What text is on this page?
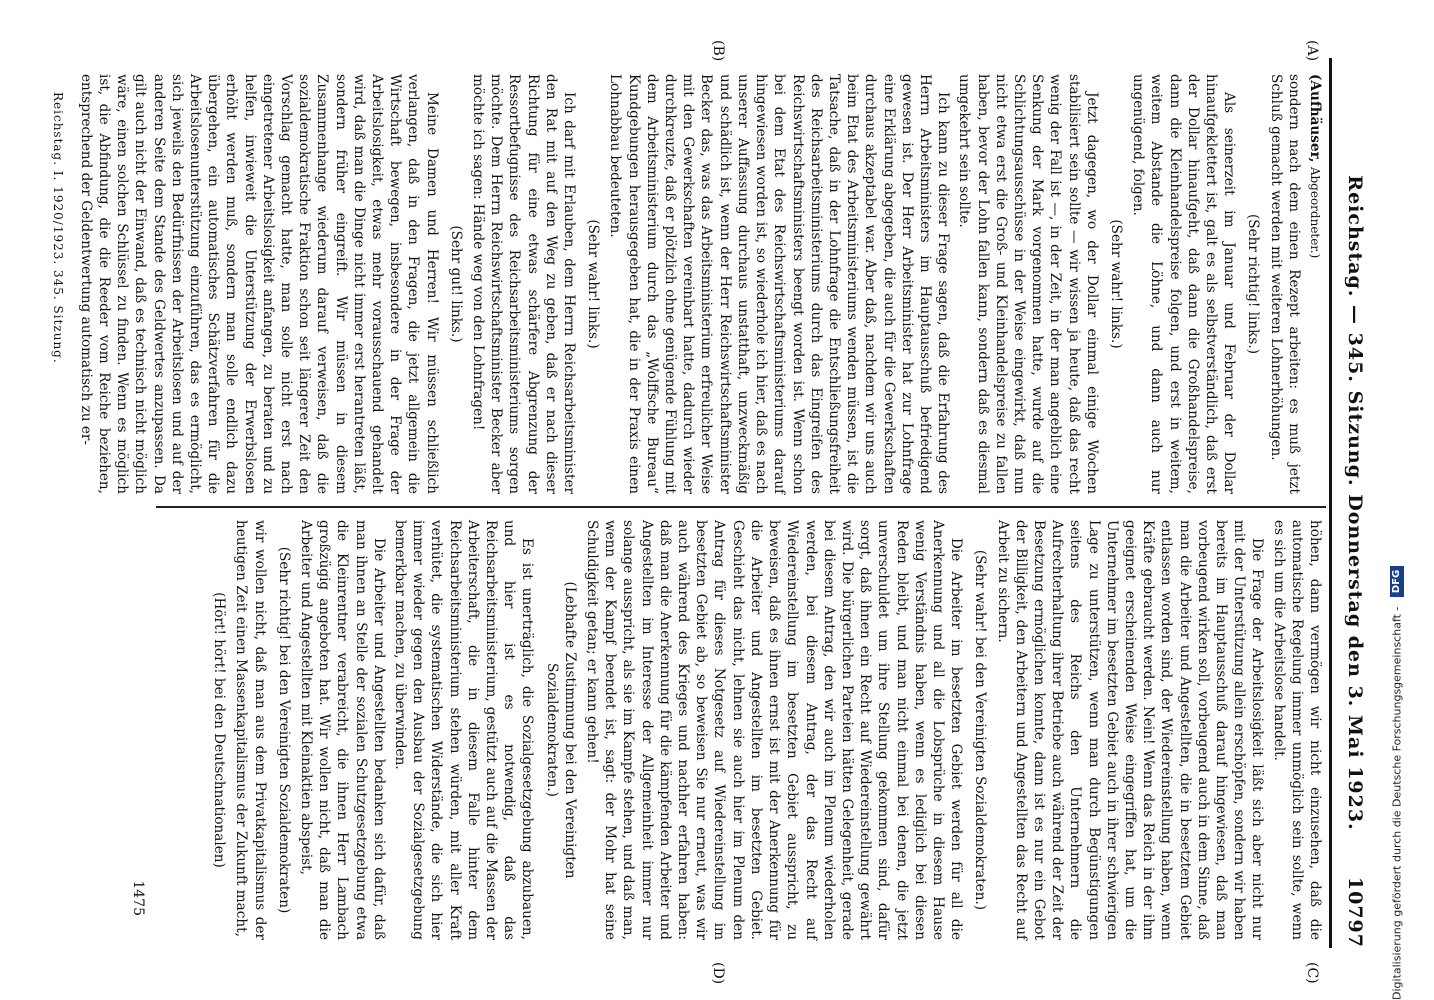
Reichstag. — 345. Sitzung. Donnerstag den 3. Mai 1923.
10797
(A)
(B)
(C)
(D)

(Aufhäuser, Abgeordneter.)

sondern nach dem einen Rezept arbeiten: es muß jetzt Schluß gemacht werden mit weiteren Lohnerhöhungen.

(Sehr richtig! links.)

Als seinerzeit im Januar und Februar der Dollar hinaufgeklettert ist, galt es als selbstverständlich, daß erst der Dollar hinaufgeht, daß dann die Großhandelspreise, dann die Kleinhandelspreise folgen, und erst in weitem, weitem Abstande die Löhne, und dann auch nur ungenügend, folgen.

(Sehr wahr! links.)

Jetzt dagegen, wo der Dollar einmal einige Wochen stabilisiert sein sollte — wir wissen ja heute, daß das recht wenig der Fall ist —, in der Zeit, in der man angeblich eine Senkung der Mark vorgenommen hatte, wurde auf die Schlichtungsausschüsse in der Weise eingewirkt, daß nun nicht etwa erst die Groß- und Kleinhandelspreise zu fallen haben, bevor der Lohn fallen kann, sondern daß es diesmal umgekehrt sein sollte.

Ich kann zu dieser Frage sagen, daß die Erfahrung des Herrn Arbeitsministers im Hauptausschuß befriedigend gewesen ist. Der Herr Arbeitsminister hat zur Lohnfrage eine Erklärung abgegeben, die auch für die Gewerkschaften durchaus akzeptabel war. Aber daß, nachdem wir uns auch beim Etat des Arbeitsministeriums wenden müssen, ist die Tatsache, daß in der Lohnfrage die Entschließungsfreiheit des Reichsarbeitsministeriums durch das Eingreifen des Reichswirtschaftsministers beengt worden ist. Wenn schon bei dem Etat des Reichswirtschaftsministeriums darauf hingewiesen worden ist, so wiederhole ich hier, daß es nach unserer Auffassung durchaus unstatthaft, unzweckmäßig und schädlich ist, wenn der Herr Reichswirtschaftsminister Becker das, was das Arbeitsministerium erfreulicher Weise mit den Gewerkschaften vereinbart hatte, dadurch wieder durchkreuzte, daß er plötzlich ohne genügende Fühlung mit dem Arbeitsministerium durch das „Wolffsche Bureau“ Kundgebungen herausgegeben hat, die in der Praxis einen Lohnabbau bedeuteten.

(Sehr wahr! links.)

Ich darf mit Erlauben, dem Herrn Reichsarbeitsminister den Rat mit auf den Weg zu geben, daß er nach dieser Richtung für eine etwas schärfere Abgrenzung der Ressortbefugnisse des Reichsarbeitsministeriums sorgen möchte. Dem Herrn Reichswirtschaftsminister Becker aber möchte ich sagen: Hände weg von den Lohnfragen!

(Sehr gut! links.)

Meine Damen und Herren! Wir müssen schließlich verlangen, daß in den Fragen, die jetzt allgemein die Wirtschaft bewegen, insbesondere in der Frage der Arbeitslosigkeit, etwas mehr vorausschauend gehandelt wird, daß man die Dinge nicht immer erst herantreten läßt, sondern früher eingreift. Wir müssen in diesem Zusammenhange wiederum darauf verweisen, daß die sozialdemokratische Fraktion schon seit längerer Zeit den Vorschlag gemacht hatte, man solle nicht erst nach eingetretener Arbeitslosigkeit anfangen, zu beraten und zu helfen, inwieweit die Unterstützung der Erwerbslosen erhöht werden muß, sondern man solle endlich dazu übergehen, ein automatisches Schätzverfahren für die Arbeitslosenunterstützung einzuführen, das es ermöglicht, sich jeweils den Bedürfnissen der Arbeitslosen und auf der anderen Seite dem Stande des Geldwertes anzupassen. Da gilt auch nicht der Einwand, daß es technisch nicht möglich wäre, einen solchen Schlüssel zu finden. Wenn es möglich ist, die Abfindung, die die Reeder vom Reiche beziehen, entsprechend der Geldentwertung automatisch zu er-

Reichstag. I. 1920/1923. 345. Sitzung.

höhen, dann vermögen wir nicht einzusehen, daß die automatische Regelung immer unmöglich sein sollte, wenn es sich um die Arbeitslose handelt.

Die Frage der Arbeitslosigkeit läßt sich aber nicht nur mit der Unterstützung allein erschöpfen, sondern wir haben bereits im Hauptausschuß darauf hingewiesen, daß man vorbeugend wirken soll, vorbeugend auch in dem Sinne, daß man die Arbeiter und Angestellten, die in besetztem Gebiet entlassen worden sind, der Wiedereinstellung haben, wenn Kräfte gebraucht werden. Nein! Wenn das Reich in der ihm geeignet erscheinenden Weise eingegriffen hat, um die Unternehmer im besetzten Gebiet auch in ihrer schwierigen Lage zu unterstützen, wenn man durch Begünstigungen seitens des Reichs den Unternehmern die Aufrechterhaltung ihrer Betriebe auch während der Zeit der Besetzung ermöglichen konnte, dann ist es nur ein Gebot der Billigkeit, den Arbeitern und Angestellten das Recht auf Arbeit zu sichern.

(Sehr wahr! bei den Vereinigten Sozialdemokraten.)

Die Arbeiter im besetzten Gebiet werden für all die Anerkennung und all die Lobsprüche in diesem Hause wenig Verständnis haben, wenn es lediglich bei diesen Reden bleibt, und man nicht einmal bei denen, die jetzt unverschuldet um ihre Stellung gekommen sind, dafür sorgt, daß ihnen ein Recht auf Wiedereinstellung gewährt wird. Die bürgerlichen Parteien hätten Gelegenheit, gerade bei diesem Antrag, den wir auch im Plenum wiederholen werden, bei diesem Antrag, der das Recht auf Wiedereinstellung im besetzten Gebiet ausspricht, zu beweisen, daß es ihnen ernst ist mit der Anerkennung für die Arbeiter und Angestellten im besetzten Gebiet. Geschieht das nicht, lehnen sie auch hier im Plenum den Antrag für dieses Notgesetz auf Wiedereinstellung im besetzten Gebiet ab, so beweisen Sie nur erneut, was wir auch während des Krieges und nachher erfahren haben: daß man die Anerkennung für die kämpfenden Arbeiter und Angestellten im Interesse der Allgemeinheit immer nur solange ausspricht, als sie im Kampfe stehen, und daß man, wenn der Kampf beendet ist, sagt: der Mohr hat seine Schuldigkeit getan; er kann gehen!

(Lebhafte Zustimmung bei den Vereinigten Sozialdemokraten.)

Es ist unerträglich, die Sozialgesetzgebung abzubauen, und hier ist es notwendig, daß das Reichsarbeitsministerium, gestützt auch auf die Massen der Arbeiterschaft, die in diesem Falle hinter dem Reichsarbeitsministerium stehen würden, mit aller Kraft verhütet, die systematischen Widerstände, die sich hier immer wieder gegen den Ausbau der Sozialgesetzgebung bemerkbar machen, zu überwinden.

Die Arbeiter und Angestellten bedanken sich dafür, daß man ihnen an Stelle der sozialen Schutzgesetzgebung etwa die Kleinrentner verabreicht, die ihnen Herr Lambach großzügig angeboten hat. Wir wollen nicht, daß man die Arbeiter und Angestellten mit Kleinaktien abspeist,

(Sehr richtig! bei den Vereinigten Sozialdemokraten)

wir wollen nicht, daß man aus dem Privatkapitalismus der heutigen Zeit einen Massenkapitalismus der Zukunft macht,

(Hört! hört! bei den Deutschnationalen)

1475	Digitalisierung gefördert durch die Deutsche Forschungsgemeinschaft - DFG
